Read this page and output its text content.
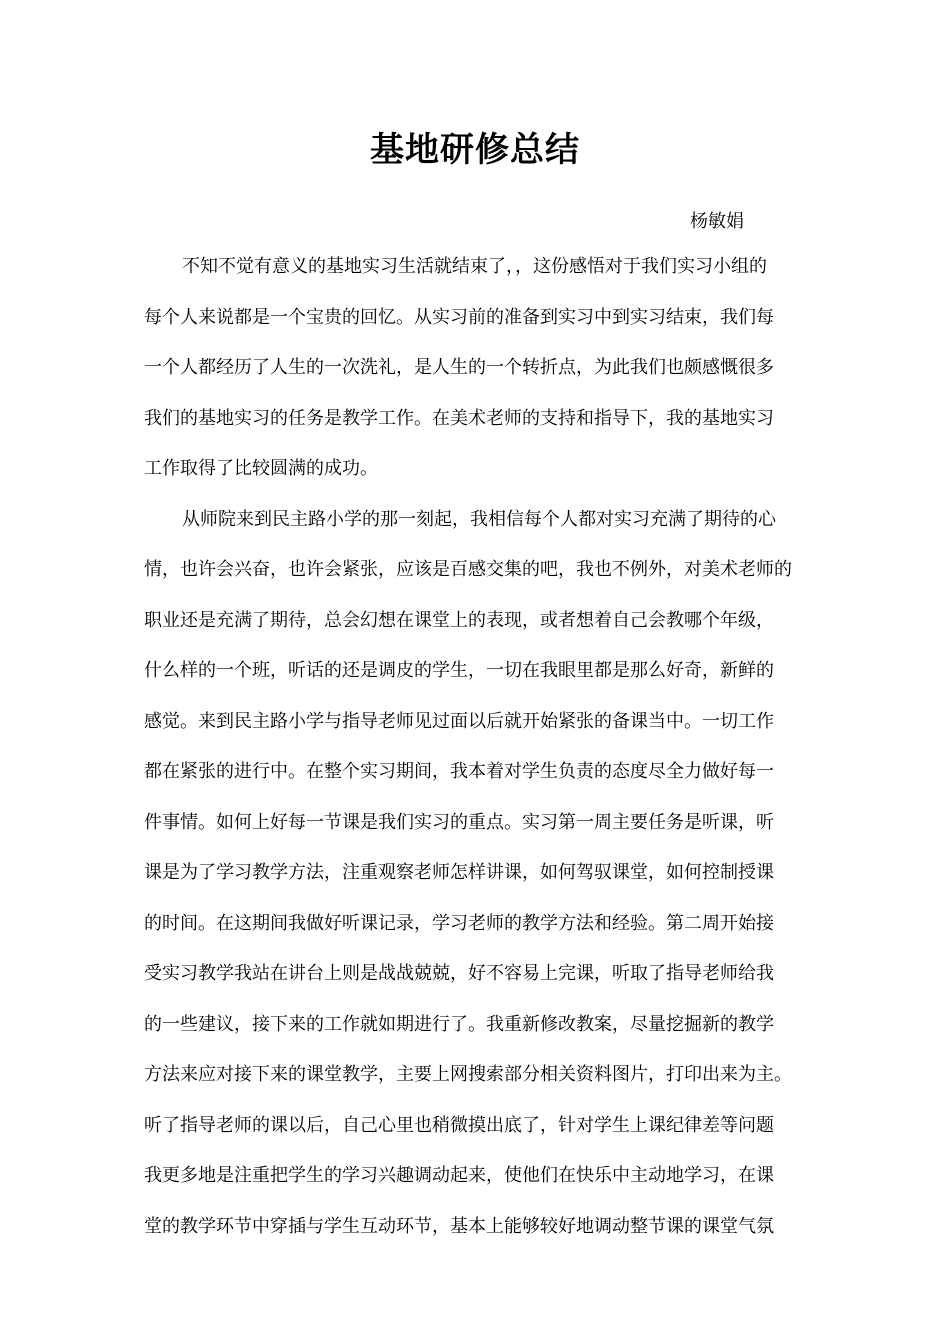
基地研修总结
杨敏娟
不知不觉有意义的基地实习生活就结束了，，这份感悟对于我们实习小组的
每个人来说都是一个宝贵的回忆。从实习前的准备到实习中到实习结束，我们每
一个人都经历了人生的一次洗礼，是人生的一个转折点，为此我们也颇感慨很多
我们的基地实习的任务是教学工作。在美术老师的支持和指导下，我的基地实习
工作取得了比较圆满的成功。
从师院来到民主路小学的那一刻起，我相信每个人都对实习充满了期待的心
情，也许会兴奋，也许会紧张，应该是百感交集的吧，我也不例外，对美术老师的
职业还是充满了期待，总会幻想在课堂上的表现，或者想着自己会教哪个年级，
什么样的一个班，听话的还是调皮的学生，一切在我眼里都是那么好奇，新鲜的
感觉。来到民主路小学与指导老师见过面以后就开始紧张的备课当中。一切工作
都在紧张的进行中。在整个实习期间，我本着对学生负责的态度尽全力做好每一
件事情。如何上好每一节课是我们实习的重点。实习第一周主要任务是听课，听
课是为了学习教学方法，注重观察老师怎样讲课，如何驾驭课堂，如何控制授课
的时间。在这期间我做好听课记录，学习老师的教学方法和经验。第二周开始接
受实习教学我站在讲台上则是战战兢兢，好不容易上完课，听取了指导老师给我
的一些建议，接下来的工作就如期进行了。我重新修改教案，尽量挖掘新的教学
方法来应对接下来的课堂教学，主要上网搜索部分相关资料图片，打印出来为主。
听了指导老师的课以后，自己心里也稍微摸出底了，针对学生上课纪律差等问题
我更多地是注重把学生的学习兴趣调动起来，使他们在快乐中主动地学习，在课
堂的教学环节中穿插与学生互动环节，基本上能够较好地调动整节课的课堂气氛
